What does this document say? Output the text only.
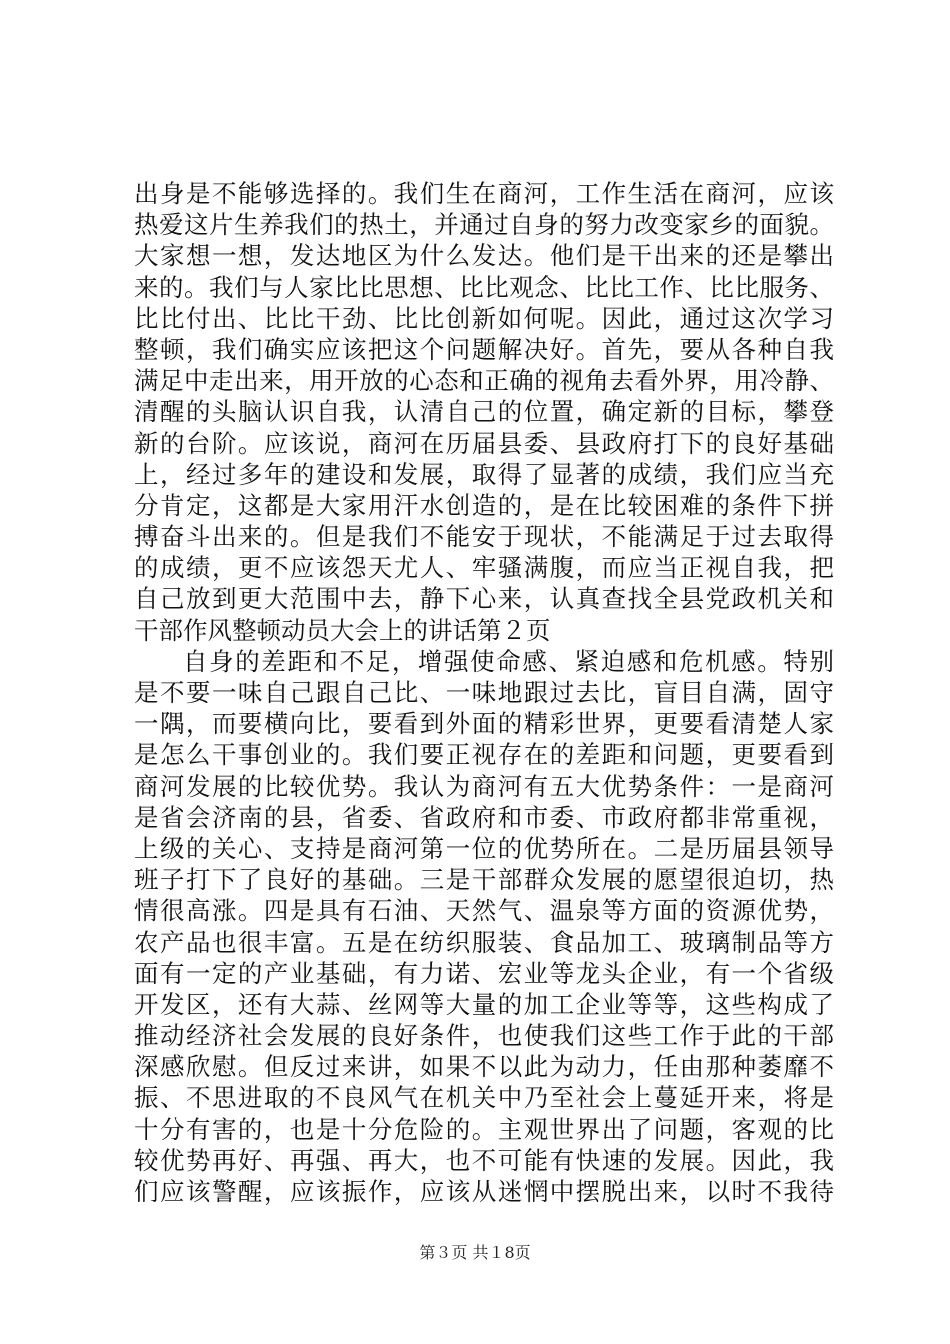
出身是不能够选择的。我们生在商河，工作生活在商河，应该
热爱这片生养我们的热土，并通过自身的努力改变家乡的面貌。
大家想一想，发达地区为什么发达。他们是干出来的还是攀出
来的。我们与人家比比思想、比比观念、比比工作、比比服务、
比比付出、比比干劲、比比创新如何呢。因此，通过这次学习
整顿，我们确实应该把这个问题解决好。首先，要从各种自我
满足中走出来，用开放的心态和正确的视角去看外界，用冷静、
清醒的头脑认识自我，认清自己的位置，确定新的目标，攀登
新的台阶。应该说，商河在历届县委、县政府打下的良好基础
上，经过多年的建设和发展，取得了显著的成绩，我们应当充
分肯定，这都是大家用汗水创造的，是在比较困难的条件下拼
搏奋斗出来的。但是我们不能安于现状，不能满足于过去取得
的成绩，更不应该怨天尤人、牢骚满腹，而应当正视自我，把
自己放到更大范围中去，静下心来，认真查找全县党政机关和
干部作风整顿动员大会上的讲话第２页
自身的差距和不足，增强使命感、紧迫感和危机感。特别
是不要一味自己跟自己比、一味地跟过去比，盲目自满，固守
一隅，而要横向比，要看到外面的精彩世界，更要看清楚人家
是怎么干事创业的。我们要正视存在的差距和问题，更要看到
商河发展的比较优势。我认为商河有五大优势条件：一是商河
是省会济南的县，省委、省政府和市委、市政府都非常重视，
上级的关心、支持是商河第一位的优势所在。二是历届县领导
班子打下了良好的基础。三是干部群众发展的愿望很迫切，热
情很高涨。四是具有石油、天然气、温泉等方面的资源优势，
农产品也很丰富。五是在纺织服装、食品加工、玻璃制品等方
面有一定的产业基础，有力诺、宏业等龙头企业，有一个省级
开发区，还有大蒜、丝网等大量的加工企业等等，这些构成了
推动经济社会发展的良好条件，也使我们这些工作于此的干部
深感欣慰。但反过来讲，如果不以此为动力，任由那种萎靡不
振、不思进取的不良风气在机关中乃至社会上蔓延开来，将是
十分有害的，也是十分危险的。主观世界出了问题，客观的比
较优势再好、再强、再大，也不可能有快速的发展。因此，我
们应该警醒，应该振作，应该从迷惘中摆脱出来，以时不我待
第３页 共１8页
